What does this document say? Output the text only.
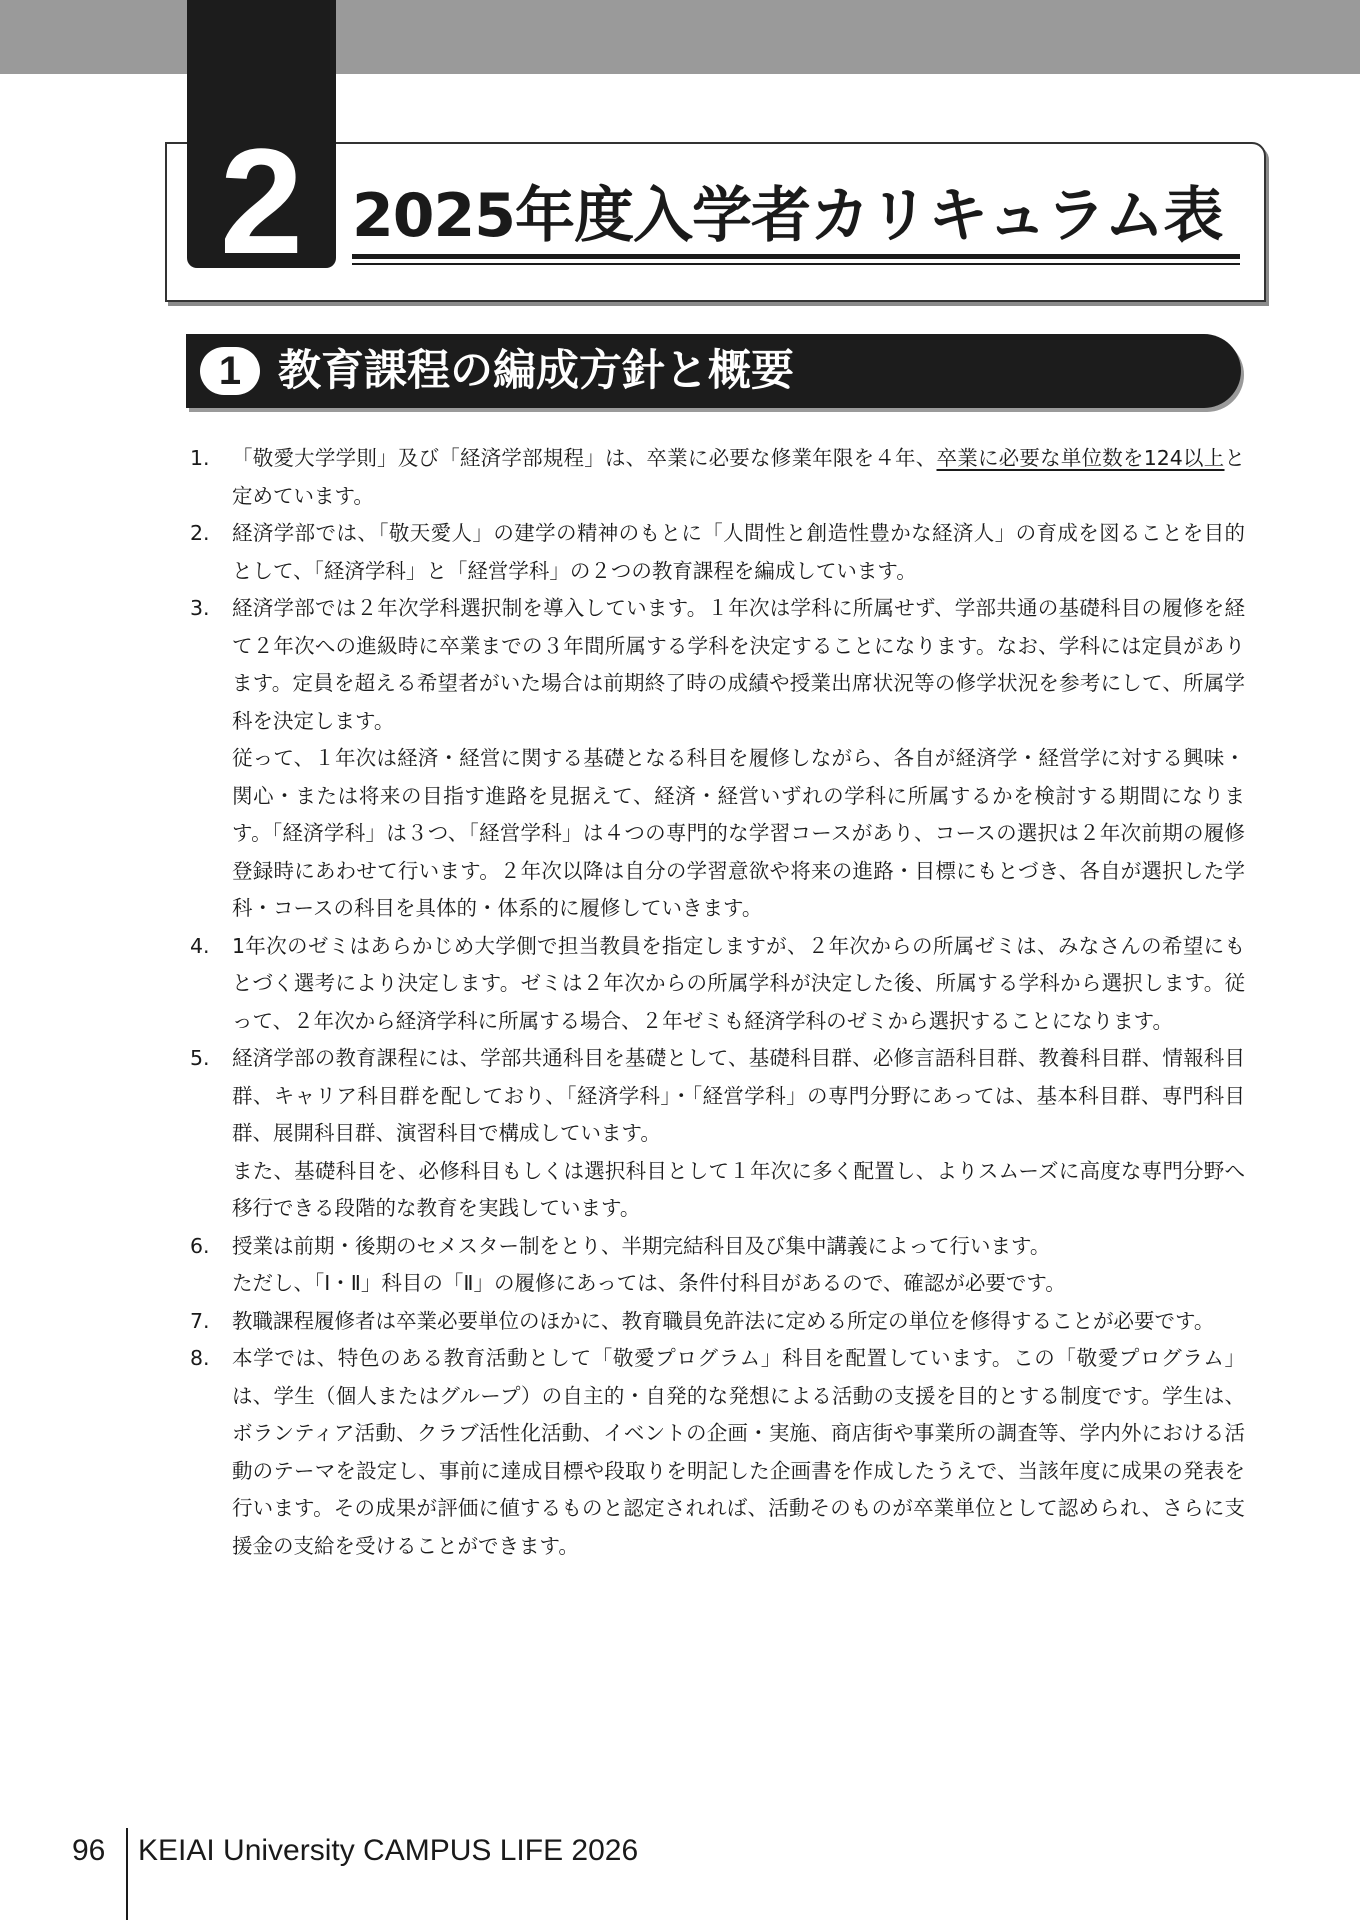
2 2025年度入学者カリキュラム表
1 教育課程の編成方針と概要
1.	「敬愛大学学則」及び「経済学部規程」は、卒業に必要な修業年限を４年、卒業に必要な単位数を124以上と定めています。

2.	経済学部では、「敬天愛人」の建学の精神のもとに「人間性と創造性豊かな経済人」の育成を図ることを目的として、「経済学科」と「経営学科」の２つの教育課程を編成しています。

3.	経済学部では２年次学科選択制を導入しています。１年次は学科に所属せず、学部共通の基礎科目の履修を経て２年次への進級時に卒業までの３年間所属する学科を決定することになります。なお、学科には定員があります。定員を超える希望者がいた場合は前期終了時の成績や授業出席状況等の修学状況を参考にして、所属学科を決定します。

従って、１年次は経済・経営に関する基礎となる科目を履修しながら、各自が経済学・経営学に対する興味・関心・または将来の目指す進路を見据えて、経済・経営いずれの学科に所属するかを検討する期間になります。「経済学科」は３つ、「経営学科」は４つの専門的な学習コースがあり、コースの選択は２年次前期の履修登録時にあわせて行います。２年次以降は自分の学習意欲や将来の進路・目標にもとづき、各自が選択した学科・コースの科目を具体的・体系的に履修していきます。

4.	1年次のゼミはあらかじめ大学側で担当教員を指定しますが、２年次からの所属ゼミは、みなさんの希望にもとづく選考により決定します。ゼミは２年次からの所属学科が決定した後、所属する学科から選択します。従って、２年次から経済学科に所属する場合、２年ゼミも経済学科のゼミから選択することになります。

5.	経済学部の教育課程には、学部共通科目を基礎として、基礎科目群、必修言語科目群、教養科目群、情報科目群、キャリア科目群を配しており、「経済学科」・「経営学科」の専門分野にあっては、基本科目群、専門科目群、展開科目群、演習科目で構成しています。

また、基礎科目を、必修科目もしくは選択科目として１年次に多く配置し、よりスムーズに高度な専門分野へ移行できる段階的な教育を実践しています。

6.	授業は前期・後期のセメスター制をとり、半期完結科目及び集中講義によって行います。

ただし、「Ⅰ・Ⅱ」科目の「Ⅱ」の履修にあっては、条件付科目があるので、確認が必要です。

7.	教職課程履修者は卒業必要単位のほかに、教育職員免許法に定める所定の単位を修得することが必要です。

8.	本学では、特色のある教育活動として「敬愛プログラム」科目を配置しています。この「敬愛プログラム」は、学生（個人またはグループ）の自主的・自発的な発想による活動の支援を目的とする制度です。学生は、ボランティア活動、クラブ活性化活動、イベントの企画・実施、商店街や事業所の調査等、学内外における活動のテーマを設定し、事前に達成目標や段取りを明記した企画書を作成したうえで、当該年度に成果の発表を行います。その成果が評価に値するものと認定されれば、活動そのものが卒業単位として認められ、さらに支援金の支給を受けることができます。

96 KEIAI University CAMPUS LIFE 2026
